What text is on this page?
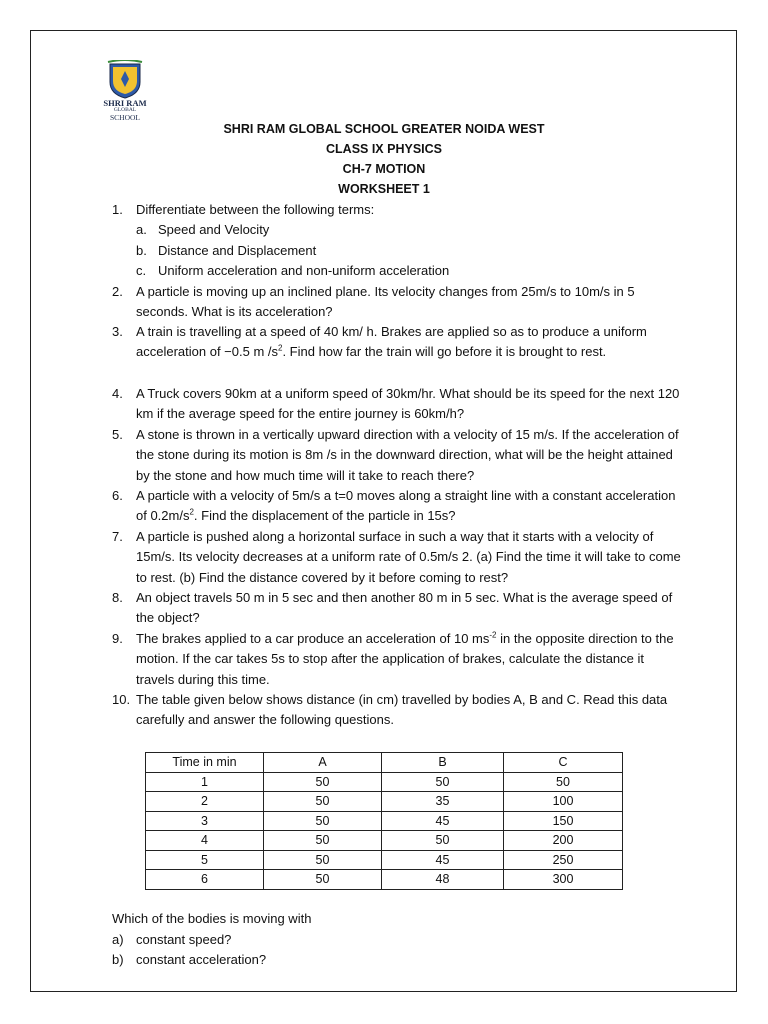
SHRI RAM
GLOBAL
SCHOOL
SHRI RAM GLOBAL SCHOOL GREATER NOIDA WEST
CLASS IX PHYSICS
CH-7 MOTION
WORKSHEET 1
1.	Differentiate between the following terms:
a. Speed and Velocity
b. Distance and Displacement
c. Uniform acceleration and non-uniform acceleration
2.	A particle is moving up an inclined plane. Its velocity changes from 25m/s to 10m/s in 5 seconds. What is its acceleration?
3.	A train is travelling at a speed of 40 km/ h. Brakes are applied so as to produce a uniform acceleration of −0.5 m $/s^2$. Find how far the train will go before it is brought to rest.
4.	A Truck covers 90km at a uniform speed of 30km/hr. What should be its speed for the next 120 km if the average speed for the entire journey is 60km/h?
5.	A stone is thrown in a vertically upward direction with a velocity of 15 m/s. If the acceleration of the stone during its motion is 8m /s in the downward direction, what will be the height attained by the stone and how much time will it take to reach there?
6.	A particle with a velocity of 5m/s a t=0 moves along a straight line with a constant acceleration of $0.2m/s^2$. Find the displacement of the particle in 15s?
7.	A particle is pushed along a horizontal surface in such a way that it starts with a velocity of 15m/s. Its velocity decreases at a uniform rate of 0.5m/s 2. (a) Find the time it will take to come to rest. (b) Find the distance covered by it before coming to rest?
8.	An object travels 50 m in 5 sec and then another 80 m in 5 sec. What is the average speed of the object?
9.	The brakes applied to a car produce an acceleration of 10 $ms^{-2}$ in the opposite direction to the motion. If the car takes 5s to stop after the application of brakes, calculate the distance it travels during this time.
10. The table given below shows distance (in cm) travelled by bodies A, B and C. Read this data carefully and answer the following questions.
Time in min	A	B	C
1	50	50	50
2	50	35	100
3	50	45	150
4	50	50	200
5	50	45	250
6	50	48	300
Which of the bodies is moving with
a) constant speed?
b) constant acceleration?
